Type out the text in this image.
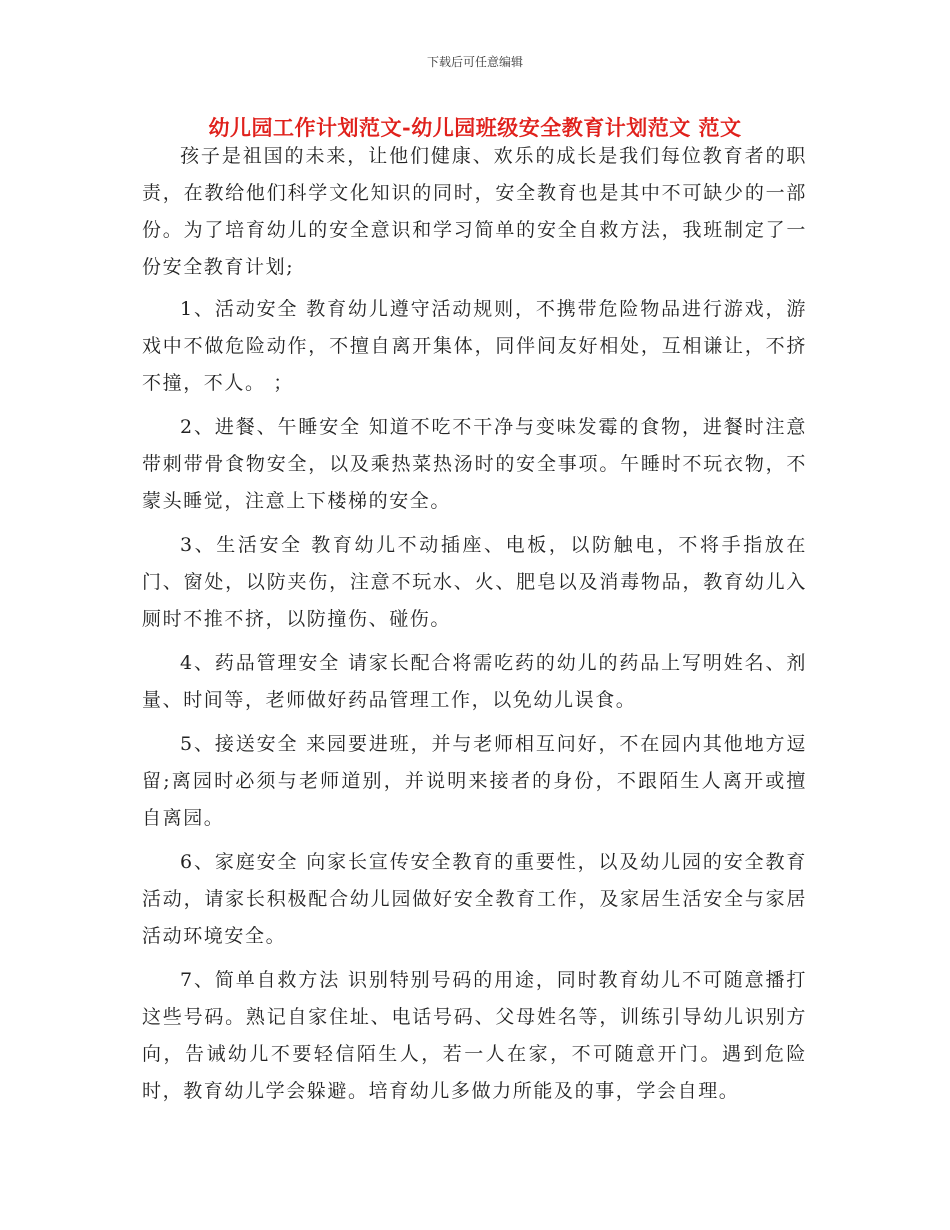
下载后可任意编辑
幼儿园工作计划范文-幼儿园班级安全教育计划范文 范文

孩子是祖国的未来，让他们健康、欢乐的成长是我们每位教育者的职责，在教给他们科学文化知识的同时，安全教育也是其中不可缺少的一部份。为了培育幼儿的安全意识和学习简单的安全自救方法，我班制定了一份安全教育计划;

1、活动安全 教育幼儿遵守活动规则，不携带危险物品进行游戏，游戏中不做危险动作，不擅自离开集体，同伴间友好相处，互相谦让，不挤不撞，不人。 ；

2、进餐、午睡安全 知道不吃不干净与变味发霉的食物，进餐时注意带刺带骨食物安全，以及乘热菜热汤时的安全事项。午睡时不玩衣物，不蒙头睡觉，注意上下楼梯的安全。

3、生活安全 教育幼儿不动插座、电板，以防触电，不将手指放在门、窗处，以防夹伤，注意不玩水、火、肥皂以及消毒物品，教育幼儿入厕时不推不挤，以防撞伤、碰伤。

4、药品管理安全 请家长配合将需吃药的幼儿的药品上写明姓名、剂量、时间等，老师做好药品管理工作，以免幼儿误食。

5、接送安全 来园要进班，并与老师相互问好，不在园内其他地方逗留;离园时必须与老师道别，并说明来接者的身份，不跟陌生人离开或擅自离园。

6、家庭安全 向家长宣传安全教育的重要性，以及幼儿园的安全教育活动，请家长积极配合幼儿园做好安全教育工作，及家居生活安全与家居活动环境安全。

7、简单自救方法 识别特别号码的用途，同时教育幼儿不可随意播打这些号码。熟记自家住址、电话号码、父母姓名等，训练引导幼儿识别方向，告诫幼儿不要轻信陌生人，若一人在家，不可随意开门。遇到危险时，教育幼儿学会躲避。培育幼儿多做力所能及的事，学会自理。
